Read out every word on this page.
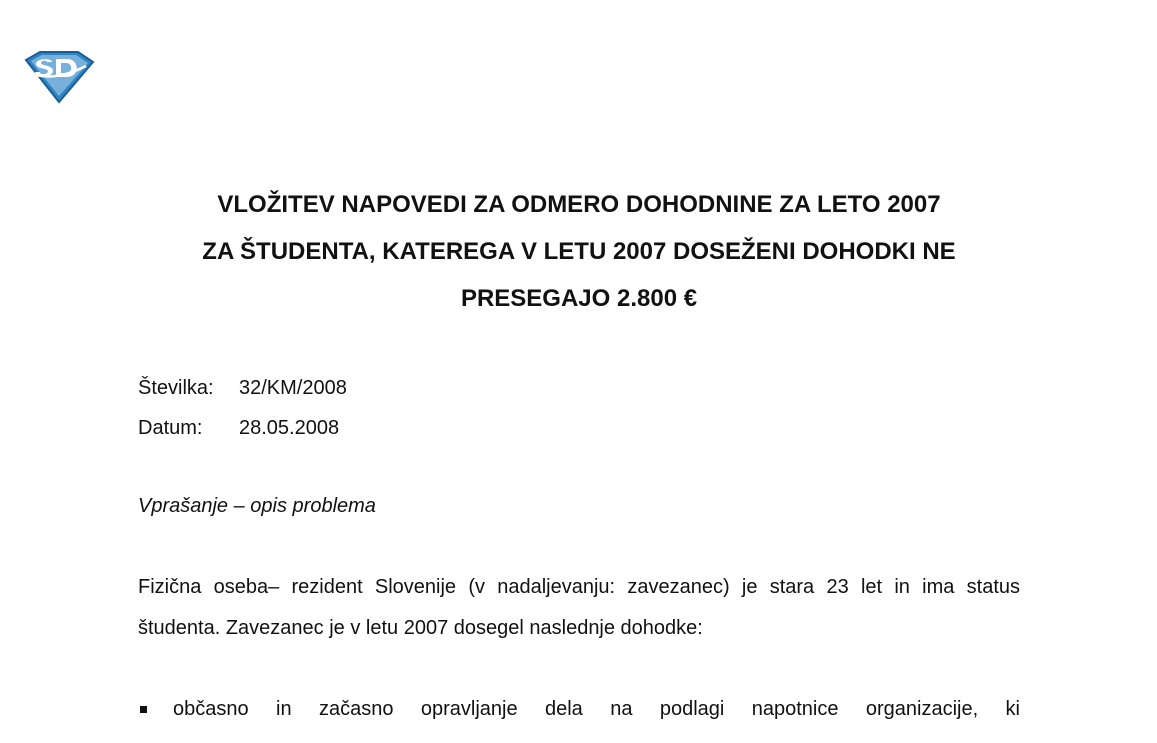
VLOŽITEV NAPOVEDI ZA ODMERO DOHODNINE ZA LETO 2007
ZA ŠTUDENTA, KATEREGA V LETU 2007 DOSEŽENI DOHODKI NE
PRESEGAJO 2.800 €
Številka:	32/KM/2008
Datum:	28.05.2008
Vprašanje – opis problema

Fizična oseba– rezident Slovenije (v nadaljevanju: zavezanec) je stara 23 let in ima status študenta. Zavezanec je v letu 2007 dosegel naslednje dohodke:

občasno in začasno opravljanje dela na podlagi napotnice organizacije, ki
